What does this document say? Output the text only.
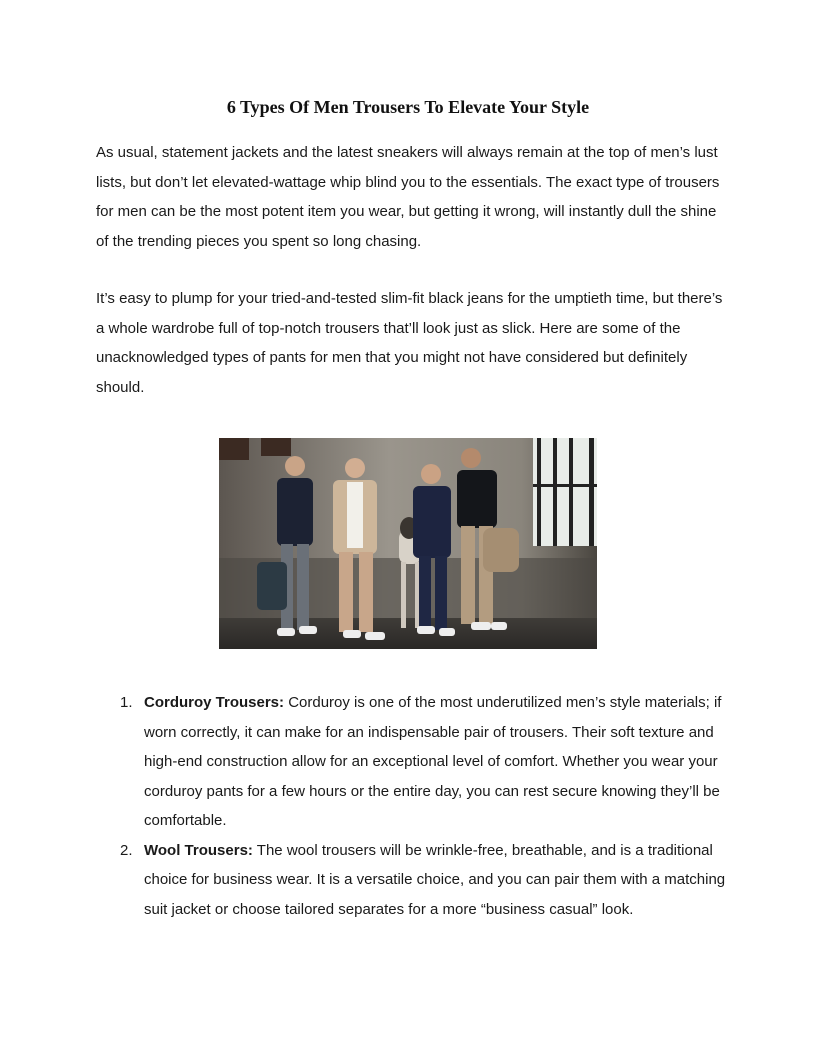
6 Types Of Men Trousers To Elevate Your Style

As usual, statement jackets and the latest sneakers will always remain at the top of men’s lust lists, but don’t let elevated-wattage whip blind you to the essentials. The exact type of trousers for men can be the most potent item you wear, but getting it wrong, will instantly dull the shine of the trending pieces you spent so long chasing.

It’s easy to plump for your tried-and-tested slim-fit black jeans for the umptieth time, but there’s a whole wardrobe full of top-notch trousers that’ll look just as slick. Here are some of the unacknowledged types of pants for men that you might not have considered but definitely should.

1. Corduroy Trousers: Corduroy is one of the most underutilized men’s style materials; if worn correctly, it can make for an indispensable pair of trousers. Their soft texture and high-end construction allow for an exceptional level of comfort. Whether you wear your corduroy pants for a few hours or the entire day, you can rest secure knowing they’ll be comfortable.
2. Wool Trousers: The wool trousers will be wrinkle-free, breathable, and is a traditional choice for business wear. It is a versatile choice, and you can pair them with a matching suit jacket or choose tailored separates for a more “business casual” look.
